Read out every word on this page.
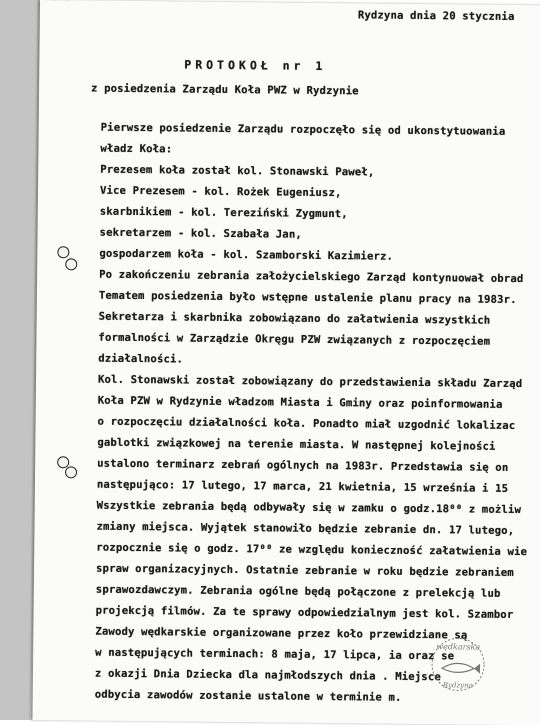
Rydzyna dnia 20 stycznia
PROTOKOŁ nr 1
z posiedzenia Zarządu Koła PWZ w Rydzynie
Pierwsze posiedzenie Zarządu rozpoczęło się od ukonstytuowania
władz Koła:
Prezesem koła został kol. Stonawski Paweł,
Vice Prezesem - kol. Rożek Eugeniusz,
skarbnikiem - kol. Tereziński Zygmunt,
sekretarzem - kol. Szabała Jan,
gospodarzem koła - kol. Szamborski Kazimierz.
Po zakończeniu zebrania założycielskiego Zarząd kontynuował obrad
Tematem posiedzenia było wstępne ustalenie planu pracy na 1983r.
Sekretarza i skarbnika zobowiązano do załatwienia wszystkich
formalności w Zarządzie Okręgu PZW związanych z rozpoczęciem
działalności.
Kol. Stonawski został zobowiązany do przedstawienia składu Zarząd
Koła PZW w Rydzynie władzom Miasta i Gminy oraz poinformowania
o rozpoczęciu działalności koła. Ponadto miał uzgodnić lokalizac
gablotki związkowej na terenie miasta. W następnej kolejności
ustalono terminarz zebrań ogólnych na 1983r. Przedstawia się on
następująco: 17 lutego, 17 marca, 21 kwietnia, 15 września i 15
Wszystkie zebrania będą odbywały się w zamku o godz.18⁰⁰ z możliw
zmiany miejsca. Wyjątek stanowiło będzie zebranie dn. 17 lutego,
rozpocznie się o godz. 17⁰⁰ ze względu konieczność załatwienia wie
spraw organizacyjnych. Ostatnie zebranie w roku będzie zebraniem
sprawozdawczym. Zebrania ogólne będą połączone z prelekcją lub
projekcją filmów. Za te sprawy odpowiedzialnym jest kol. Szambor
Zawody wędkarskie organizowane przez koło przewidziane są
w następujących terminach: 8 maja, 17 lipca, ia oraz se
z okazji Dnia Dziecka dla najmłodszych dnia . Miejsce
odbycia zawodów zostanie ustalone w terminie m.
wędkarska
Rydzyna
